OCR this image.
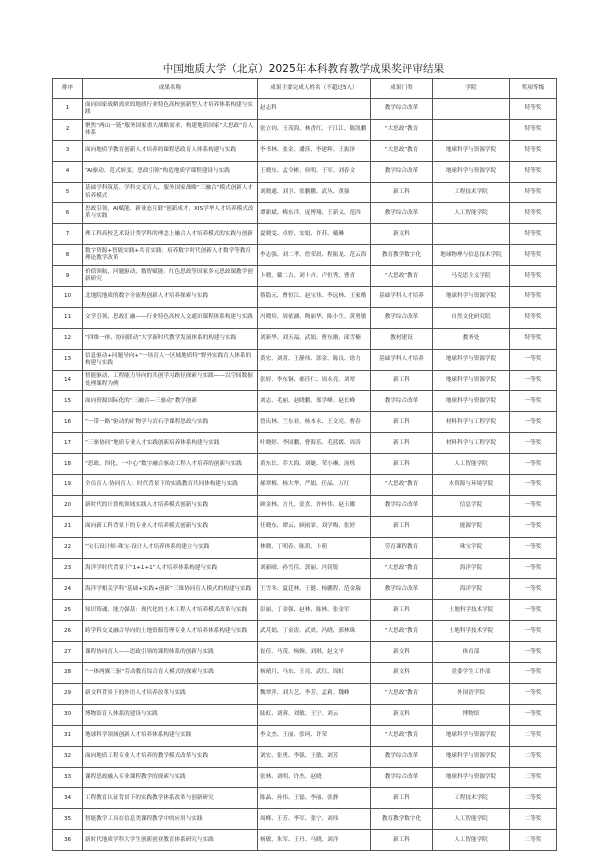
中国地质大学（北京）2025年本科教育教学成果奖评审结果
排序	成果名称	成果主要完成人姓名（不超过5人）	成果门类	学院	奖项等级
1	面向国家战略需求的地质行业特色高校创新型人才培养体系构建与实践	赵志科	教学综合改革		特等奖
2	聚焦“两山一链”服务国家重大战略需求，构建地质国家“大思政”育人体系	张立钧、王茂海、林香红、于江江、陈凯鹏	“大思政”教育		特等奖
3	面向地质学教育创新人才培养的课程思政育人体系构建与实践	李书林、张金、潘莎、李建辉、王振泽	“大思政”教育	地球科学与资源学院	特等奖
4	“AI驱动、范式转变、思政引领”构造地质学课程建设与实践	王晓东、孟令彬、侯明、于军、刘春文	教学综合改革	地球科学与资源学院	特等奖
5	基础学科筑基、学科交叉育人、服务国家战略“三融合”模式创新人才培养模式	刘晓通、刘卫、张鹏鹏、武丛、黄强	新工科	工程技术学院	特等奖
6	思政引领、AI赋能、新业态互联“创新成才，XIS学华人才培养模式改革与实践	谭新斌、梅东洋、庞博翔、王新义、范四	教学综合改革	人工智能学院	特等奖
7	理工科高校艺术设计类学科的理念上融合人才培养模式的实践与创新	夏晓雯、卓婷、安娟、许苏、戴琳	新文科		特等奖
8	数字资源+智能实践+共育实践：培养数字时代创新人才数学等教育理论教学改革	李志强、刘二孝、詹荣晨、程振龙、范云海	教育教学数字化	地球物理与信息技术学院	特等奖
9	价值领航、问题驱动、数智赋能：红色思政等国家多元思政课教学创新研究	卜晓、戴二吉、刘十卉、卢恒秀、曹青	“大思政”教育	马克思主义学院	特等奖
10	北地院地质的数字全流程创新人才培养探索与实践	蔡隐元、曹恒江、赵宝伟、李远林、王家楷	基础学科人才培养	地球科学与资源学院	特等奖
11	文学引领、思政汇融——行业特色高校人文通识课程体系构建与实践	冯晓培、周依涵、陶丽华、陈小生、黄勇敏	教学综合改革	自然文化研究院	特等奖
12	“四维一体、协同联动”大学新时代教学发展体系的构建与实践	刘新华、刘天福、武娟、曹东刚、邱雪楠	教材建设	教务处	特等奖
13	信息驱动+问题导向+“一场育人一区域地质特”野外实践育人体系的构建与实践	黄宏、刘菁、王静伟、郭金、陈良、徐力	基础学科人才培养	地球科学与资源学院	一等奖
14	智能驱动、工程能力导向的共创学习路径探索与实践——以空间数据处理课程为例	张婷、李东铜、郝佳仁、周永亮、刘翠	新工科	地球科学与资源学院	一等奖
15	面向资源国际化的“三融合—三驱动”教学创新	刘志、毛丽、赵晓鹏、郑学峰、赵长峰	教学综合改革	地球科学与资源学院	一等奖
16	“一带一路”驱动的矿物学与岩石学课程思政与实践	曾庆林、兰东亚、杨本永、王文亮、曹春	新工科	材料科学与工程学院	一等奖
17	“三驱协同”地质专业人才实践创新培养体系构建与实践	叶晓婷、李国鹏、曹海乐、毛蓝媛、周涛	新工科	材料科学与工程学院	一等奖
18	“思政、四化、一中心”数字融合驱动工程人才培养的创新与实践	黄东长、乔大海、刘婕、荣小琳、汤烁	新工科	人工智能学院	一等奖
19	全员育人·协同育人：时代背景下的实践教育共同体构建与实践	郝翠梅、杨大华、严娟、任晶、万红	“大思政”教育	水资源与环境学院	一等奖
20	新时代的计算机领域实践人才培养模式创新与实践	顾金林、方凡、张喜、许梓伟、赵玉娜	教学综合改革	信息学院	一等奖
21	面向新工科背景下的专业人才培养模式创新与实践	任晓东、谭云、顾雨霏、刘学梅、张婷	新工科	能源学院	一等奖
22	“宝石设计师-珠宝-设计人才培养体系的建立与实践	林晓、丁明春、陈玥、卜萌	劳育课程教育	珠宝学院	一等奖
23	海洋学时代背景下“1+1+1”人才培养体系构建与实践	刘新晴、孙雪佳、郭丽、冯钊锐	“大思政”教育	海洋学院	一等奖
24	海洋学相关学科“基础+实践+创新”三维协同育人模式的构建与实践	王雪冬、夏廷林、王健、杨鹏程、范金瑞	教学综合改革	海洋学院	一等奖
25	知识铸魂、能力强基：现代化的土木工程人才培养模式改革与实践	彭丽、丁金强、赵林、陈林、张金军	新工科	土地科学技术学院	一等奖
26	跨学科交叉融合导向的土地资源管理专业人才培养体系构建与实践	武芃娟、丁金涛、武炎、冯晓、郭林珠	“大思政”教育	土地科学技术学院	一等奖
27	课程协同育人——思政引领的课程体系的创新与实践	崔佳、马茂、杨婉、刘琪、赵文平	新文科	体育部	一等奖
28	“一体两翼三驱”劳动教育综合育人模式的探索与实践	杨晴月、马东、王亮、武红、周虹	新文科	党委学生工作部	一等奖
29	新文科背景下的外语人才培养改革与实践	魏翠萍、刘大艺、李芳、孟莉、魏峰	“大思政”教育	外国语学院	一等奖
30	博物馆育人体系的建设与实践	陆虹、刘蓉、刘敏、王宁、刘云	新文科	博物馆	一等奖
31	地球科学领域创新人才培养体系构建与实践	李文杰、王丽、张珂、许荣	“大思政”教育	地球科学与资源学院	二等奖
32	面向地质工程专业人才培养的教学模式改革与实践	刘宏、张勇、李强、王敏、刘芳	教学综合改革	地球科学与资源学院	二等奖
33	课程思政融入专业课程教学的探索与实践	张林、刘明、许杰、赵晓	教学综合改革	地球科学与资源学院	二等奖
34	工程教育认证背景下的实践教学体系改革与创新研究	陈晶、孙伟、王磊、李丽、张静	新工科	工程技术学院	二等奖
35	智能教学工具在信息类课程教学中的应用与实践	周峰、王芳、李军、张宁、刘伟	教育教学数字化	人工智能学院	二等奖
36	新时代地质学科大学生创新创业教育体系研究与实践	杨敏、朱军、王丹、马晓、刘洋	新工科	人工智能学院	二等奖
